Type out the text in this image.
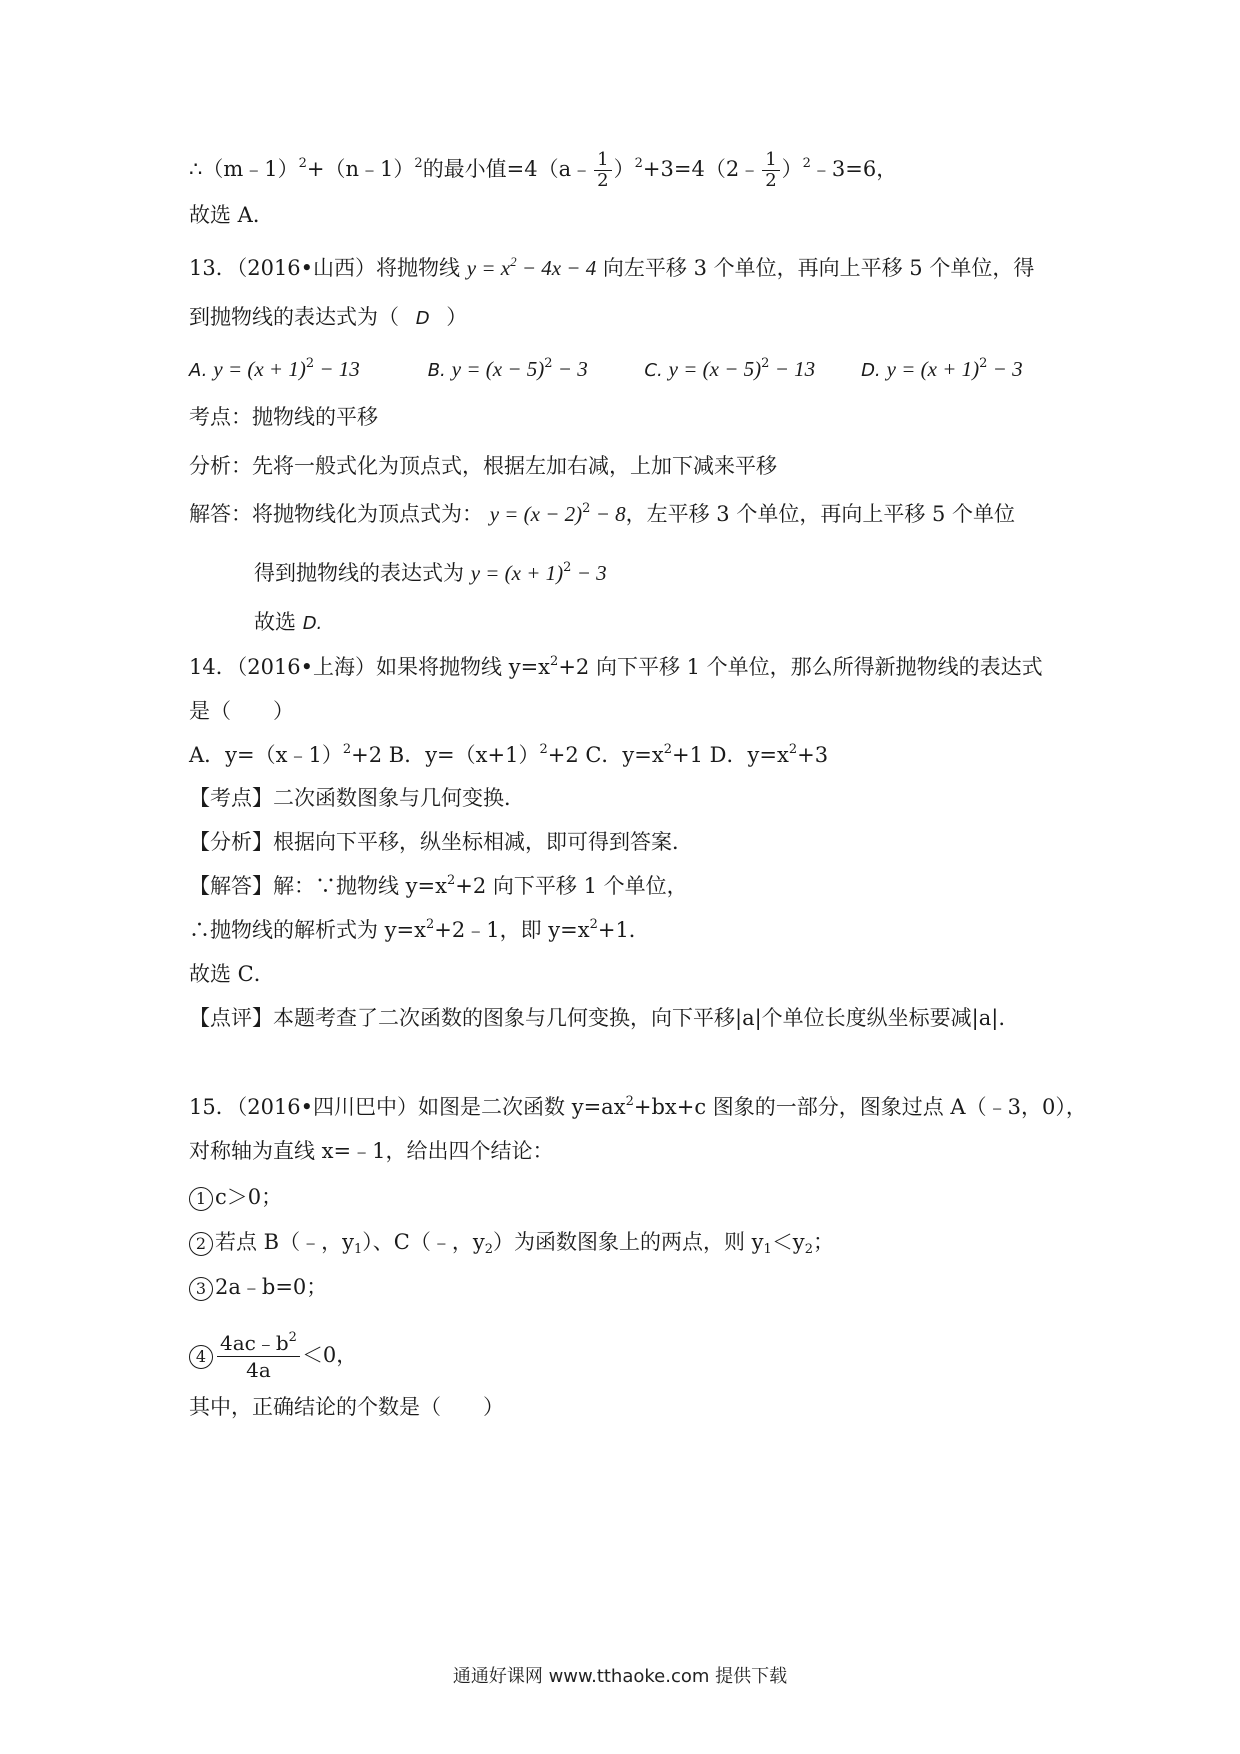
∴（m﹣1）$^2$+（n﹣1）$^2$的最小值=4（a﹣ $\frac{1}{2}$ ）$^2$+3=4（2﹣ $\frac{1}{2}$ ）$^2$﹣3=6，
故选 A．
13．（2016•山西）将抛物线 $y = x^2 - 4x - 4$ 向左平移 3 个单位，再向上平移 5 个单位，得
到抛物线的表达式为（ D ）
A. $y = (x + 1)^2 - 13$	B. $y = (x - 5)^2 - 3$	C. $y = (x - 5)^2 - 13$	D. $y = (x + 1)^2 - 3$
考点：抛物线的平移
分析：先将一般式化为顶点式，根据左加右减，上加下减来平移
解答：将抛物线化为顶点式为： $y = (x - 2)^2 - 8$，左平移 3 个单位，再向上平移 5 个单位
得到抛物线的表达式为 $y = (x + 1)^2 - 3$
故选 D.
14．（2016•上海）如果将抛物线 $y=x^2+2$ 向下平移 1 个单位，那么所得新抛物线的表达式
是（　　）
A．y=（x﹣1）$^2$+2 B．$y=(x+1)^2+2$ C．$y=x^2+1$ D．$y=x^2+3$
【考点】二次函数图象与几何变换．
【分析】根据向下平移，纵坐标相减，即可得到答案．
【解答】解：∵抛物线 $y=x^2+2$ 向下平移 1 个单位，
∴抛物线的解析式为 $y=x^2+2﹣1$，即 $y=x^2+1$．
故选 C．
【点评】本题考查了二次函数的图象与几何变换，向下平移|a|个单位长度纵坐标要减|a|.
15．（2016•四川巴中）如图是二次函数 $y=ax^2+bx+c$ 图象的一部分，图象过点 A（﹣3，0），
对称轴为直线 x=﹣1，给出四个结论：
1 c＞0；
2 若点 B（﹣，$y_1$）、C（﹣，$y_2$）为函数图象上的两点，则 $y_1<y_2$；
3 2a﹣b=0；
$4 \frac{4ac﹣b^2}{4a} <0$，
其中，正确结论的个数是（　　）
通通好课网 www.tthaoke.com 提供下载
